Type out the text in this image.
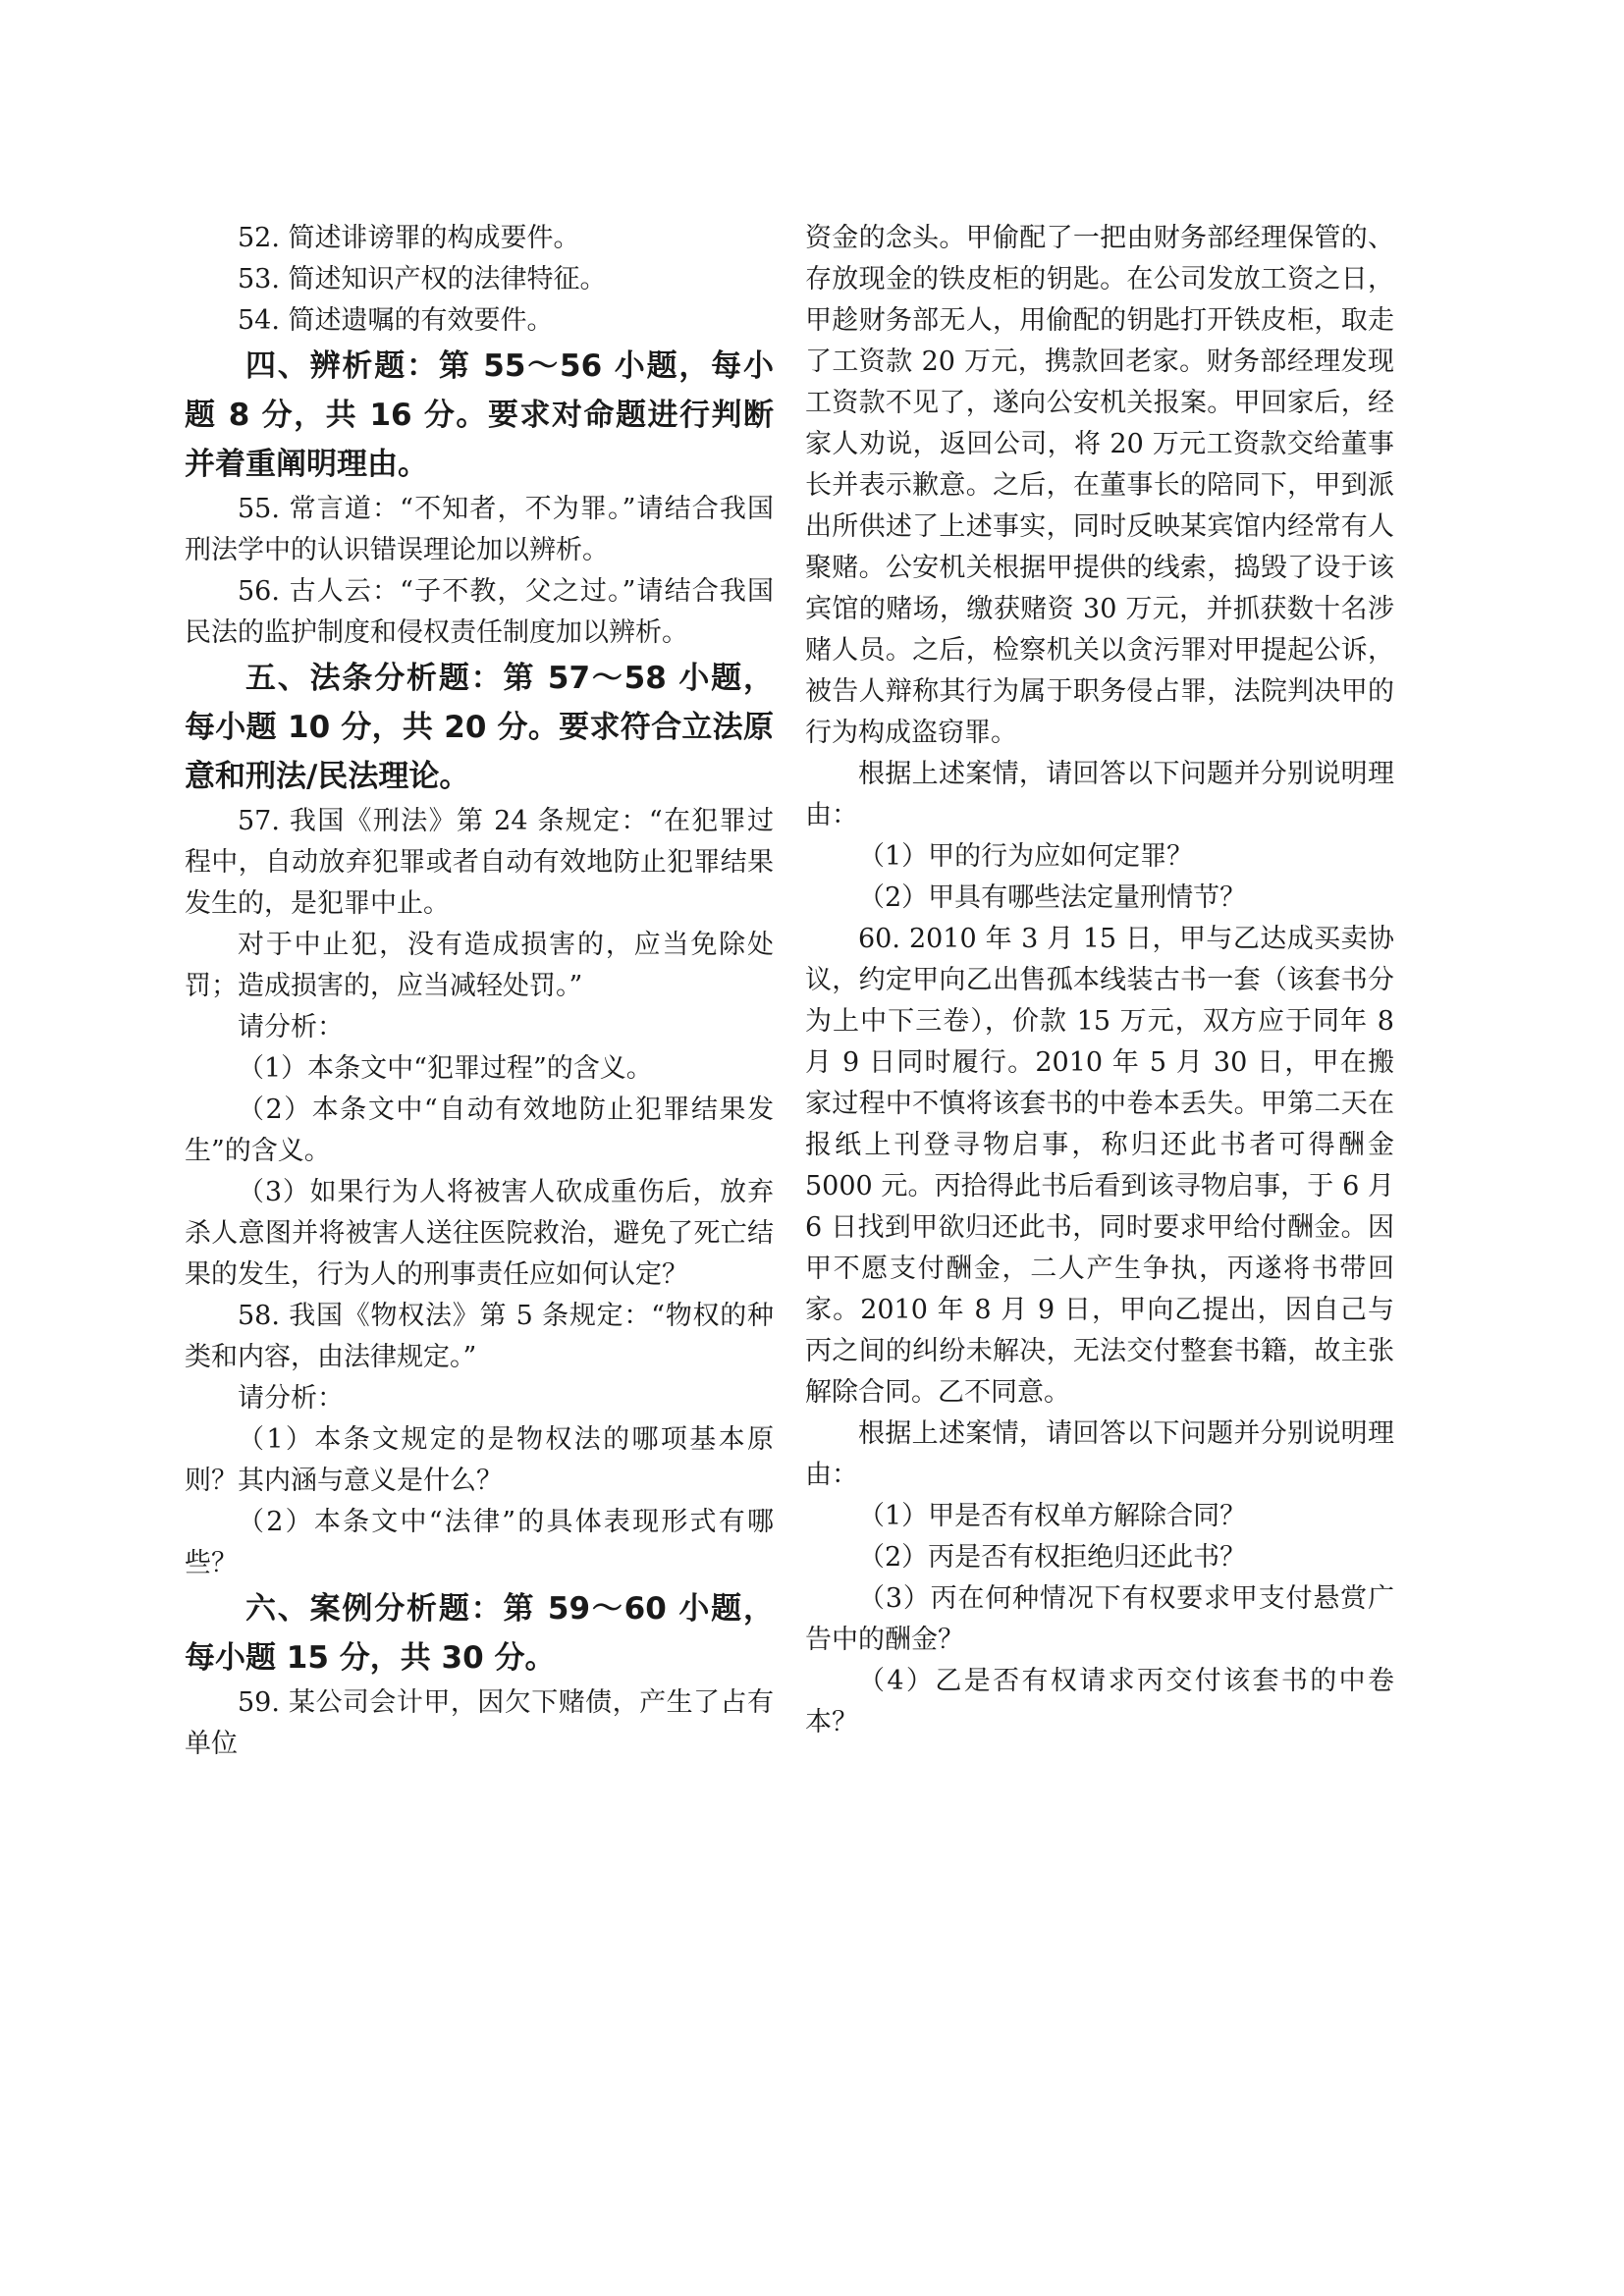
52. 简述诽谤罪的构成要件。

53. 简述知识产权的法律特征。

54. 简述遗嘱的有效要件。

四、辨析题：第 55～56 小题，每小题 8 分，共 16 分。要求对命题进行判断并着重阐明理由。

55. 常言道：“不知者，不为罪。”请结合我国刑法学中的认识错误理论加以辨析。

56. 古人云：“子不教，父之过。”请结合我国民法的监护制度和侵权责任制度加以辨析。

五、法条分析题：第 57～58 小题，每小题 10 分，共 20 分。要求符合立法原意和刑法/民法理论。

57. 我国《刑法》第 24 条规定：“在犯罪过程中，自动放弃犯罪或者自动有效地防止犯罪结果发生的，是犯罪中止。

对于中止犯，没有造成损害的，应当免除处罚；造成损害的，应当减轻处罚。”

请分析：

（1）本条文中“犯罪过程”的含义。

（2）本条文中“自动有效地防止犯罪结果发生”的含义。

（3）如果行为人将被害人砍成重伤后，放弃杀人意图并将被害人送往医院救治，避免了死亡结果的发生，行为人的刑事责任应如何认定？

58. 我国《物权法》第 5 条规定：“物权的种类和内容，由法律规定。”

请分析：

（1）本条文规定的是物权法的哪项基本原则？其内涵与意义是什么？

（2）本条文中“法律”的具体表现形式有哪些？

六、案例分析题：第 59～60 小题，每小题 15 分，共 30 分。

59. 某公司会计甲，因欠下赌债，产生了占有单位

资金的念头。甲偷配了一把由财务部经理保管的、存放现金的铁皮柜的钥匙。在公司发放工资之日，甲趁财务部无人，用偷配的钥匙打开铁皮柜，取走了工资款 20 万元，携款回老家。财务部经理发现工资款不见了，遂向公安机关报案。甲回家后，经家人劝说，返回公司，将 20 万元工资款交给董事长并表示歉意。之后，在董事长的陪同下，甲到派出所供述了上述事实，同时反映某宾馆内经常有人聚赌。公安机关根据甲提供的线索，捣毁了设于该宾馆的赌场，缴获赌资 30 万元，并抓获数十名涉赌人员。之后，检察机关以贪污罪对甲提起公诉，被告人辩称其行为属于职务侵占罪，法院判决甲的行为构成盗窃罪。

根据上述案情，请回答以下问题并分别说明理由：

（1）甲的行为应如何定罪？

（2）甲具有哪些法定量刑情节？

60. 2010 年 3 月 15 日，甲与乙达成买卖协议，约定甲向乙出售孤本线装古书一套（该套书分为上中下三卷），价款 15 万元，双方应于同年 8 月 9 日同时履行。2010 年 5 月 30 日，甲在搬家过程中不慎将该套书的中卷本丢失。甲第二天在报纸上刊登寻物启事，称归还此书者可得酬金 5000 元。丙拾得此书后看到该寻物启事，于 6 月 6 日找到甲欲归还此书，同时要求甲给付酬金。因甲不愿支付酬金，二人产生争执，丙遂将书带回家。2010 年 8 月 9 日，甲向乙提出，因自己与丙之间的纠纷未解决，无法交付整套书籍，故主张解除合同。乙不同意。

根据上述案情，请回答以下问题并分别说明理由：

（1）甲是否有权单方解除合同？

（2）丙是否有权拒绝归还此书？

（3）丙在何种情况下有权要求甲支付悬赏广告中的酬金？

（4）乙是否有权请求丙交付该套书的中卷本？
